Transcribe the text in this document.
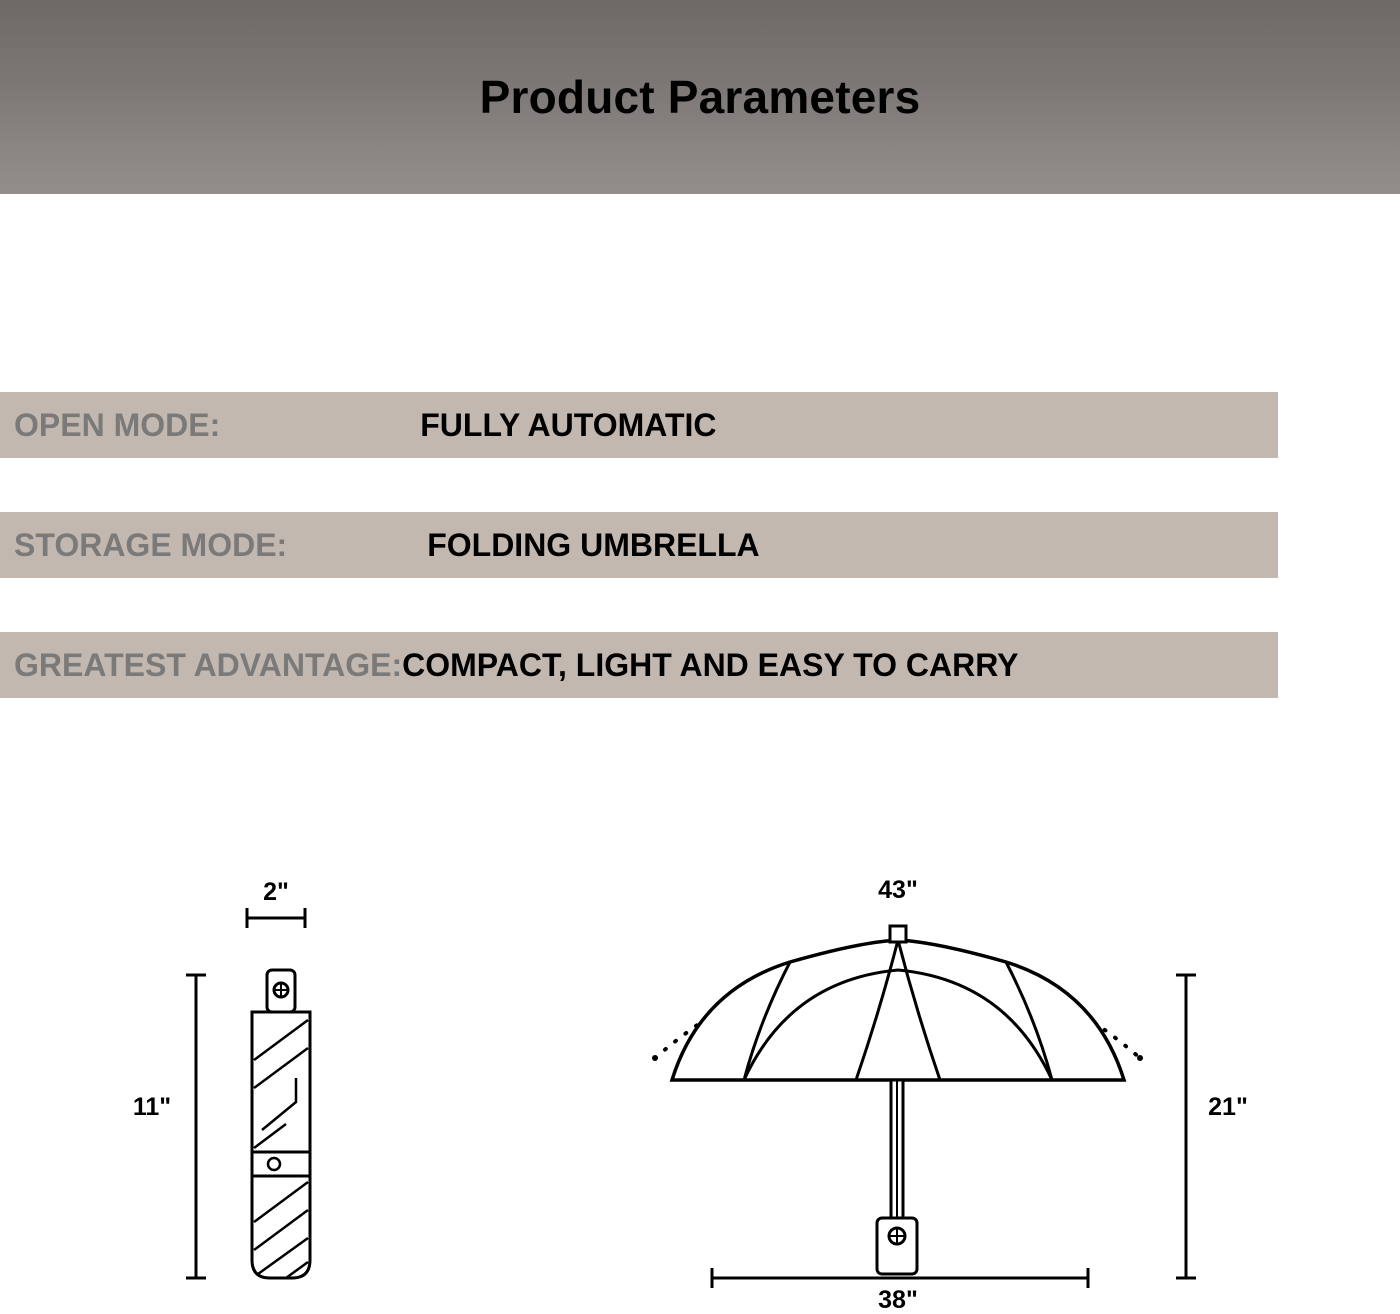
Product Parameters
OPEN MODE:	FULLY AUTOMATIC
STORAGE MODE:	FOLDING UMBRELLA
GREATEST ADVANTAGE: COMPACT, LIGHT AND EASY TO CARRY
2"
11"
43"
21"
38"
